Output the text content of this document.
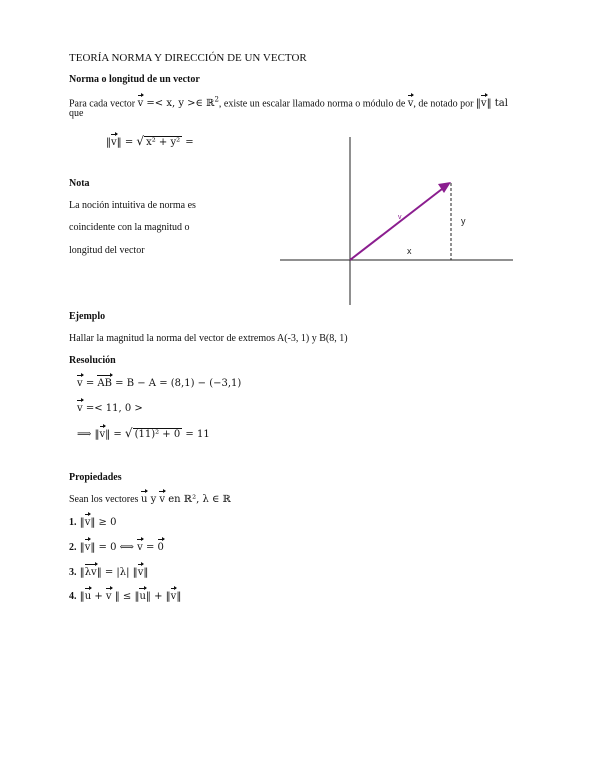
TEORÍA NORMA Y DIRECCIÓN DE UN VECTOR
Norma o longitud de un vector
Para cada vector v =< x, y >∈ ℝ$^2$, existe un escalar llamado norma o módulo de v, de notado por ‖v‖ tal
que
‖v‖ = √ x² + y² =
Nota
La noción intuitiva de norma es
coincidente con la magnitud o
longitud del vector
v
x
y
Ejemplo
Hallar la magnitud la norma del vector de extremos A(-3, 1) y B(8, 1)
Resolución
v = AB = B − A = (8,1) − (−3,1)
v =< 11, 0 >
⟹ ‖v‖ = √ (11)² + 0 = 11
Propiedades
Sean los vectores u y v en ℝ², λ ∈ ℝ
1. ‖v‖ ≥ 0
2. ‖v‖ = 0 ⟺ v = 0
3. ‖λv‖ = |λ| ‖v‖
4. ‖u + v ‖ ≤ ‖u‖ + ‖v‖
